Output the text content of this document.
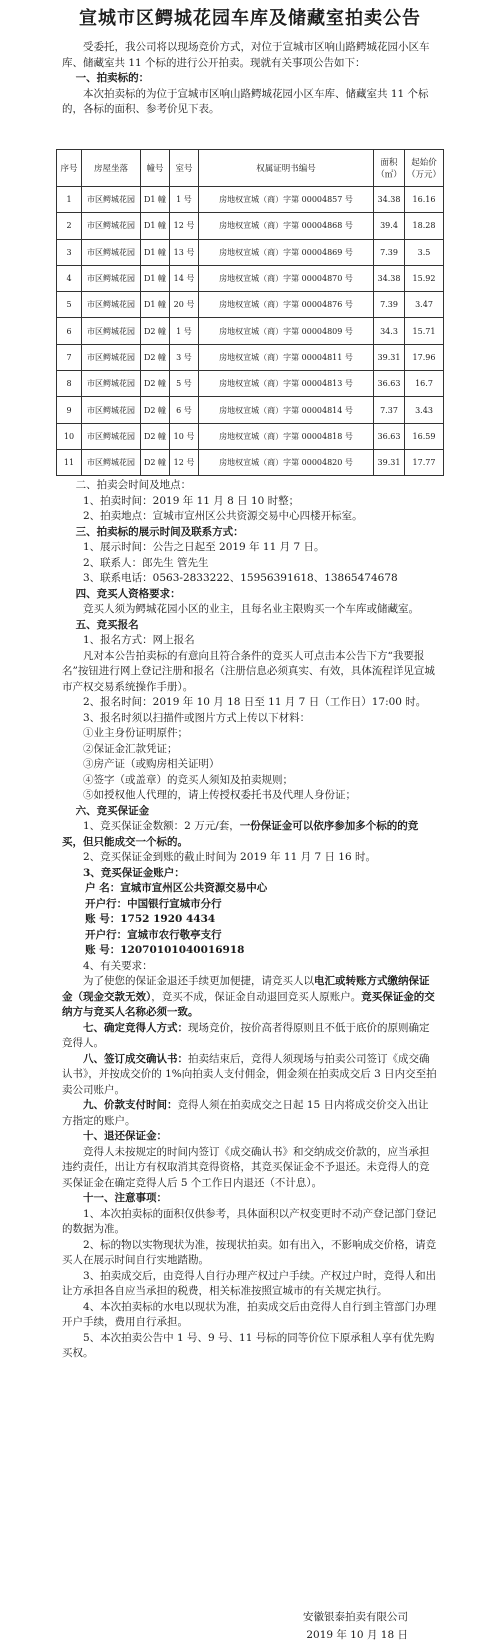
宣城市区鳄城花园车库及储藏室拍卖公告

受委托，我公司将以现场竞价方式，对位于宣城市区响山路鳄城花园小区车库、储藏室共 11 个标的进行公开拍卖。现就有关事项公告如下：

一、拍卖标的：

本次拍卖标的为位于宣城市区响山路鳄城花园小区车库、储藏室共 11 个标的，各标的面积、参考价见下表。

序号	房屋坐落	幢号	室号	权属证明书编号	面积（㎡）	起始价（万元）
1	市区鳄城花园	D1 幢	1 号	房地权宣城（商）字第 00004857 号	34.38	16.16
2	市区鳄城花园	D1 幢	12 号	房地权宣城（商）字第 00004868 号	39.4	18.28
3	市区鳄城花园	D1 幢	13 号	房地权宣城（商）字第 00004869 号	7.39	3.5
4	市区鳄城花园	D1 幢	14 号	房地权宣城（商）字第 00004870 号	34.38	15.92
5	市区鳄城花园	D1 幢	20 号	房地权宣城（商）字第 00004876 号	7.39	3.47
6	市区鳄城花园	D2 幢	1 号	房地权宣城（商）字第 00004809 号	34.3	15.71
7	市区鳄城花园	D2 幢	3 号	房地权宣城（商）字第 00004811 号	39.31	17.96
8	市区鳄城花园	D2 幢	5 号	房地权宣城（商）字第 00004813 号	36.63	16.7
9	市区鳄城花园	D2 幢	6 号	房地权宣城（商）字第 00004814 号	7.37	3.43
10	市区鳄城花园	D2 幢	10 号	房地权宣城（商）字第 00004818 号	36.63	16.59
11	市区鳄城花园	D2 幢	12 号	房地权宣城（商）字第 00004820 号	39.31	17.77

二、拍卖会时间及地点：

1、拍卖时间：2019 年 11 月 8 日 10 时整；

2、拍卖地点：宣城市宣州区公共资源交易中心四楼开标室。

三、拍卖标的展示时间及联系方式：

1、展示时间：公告之日起至 2019 年 11 月 7 日。

2、联系人：郎先生 管先生

3、联系电话：0563-2833222、15956391618、13865474678

四、竞买人资格要求：

竞买人须为鳄城花园小区的业主，且每名业主限购买一个车库或储藏室。

五、竞买报名

1、报名方式：网上报名

凡对本公告拍卖标的有意向且符合条件的竞买人可点击本公告下方“我要报名”按钮进行网上登记注册和报名（注册信息必须真实、有效，具体流程详见宣城市产权交易系统操作手册）。

2、报名时间：2019 年 10 月 18 日至 11 月 7 日（工作日）17:00 时。

3、报名时须以扫描件或图片方式上传以下材料：

①业主身份证明原件；

②保证金汇款凭证；

③房产证（或购房相关证明）

④签字（或盖章）的竞买人须知及拍卖规则；

⑤如授权他人代理的，请上传授权委托书及代理人身份证；

六、竞买保证金

1、竞买保证金数额：2 万元/套，一份保证金可以依序参加多个标的的竞买，但只能成交一个标的。

2、竞买保证金到账的截止时间为 2019 年 11 月 7 日 16 时。

3、竞买保证金账户：

户 名：宣城市宣州区公共资源交易中心

开户行：中国银行宣城市分行

账 号：1752 1920 4434

开户行：宣城市农行敬亭支行

账 号：12070101040016918

4、有关要求：

为了使您的保证金退还手续更加便捷，请竞买人以电汇或转账方式缴纳保证金（现金交款无效），竞买不成，保证金自动退回竞买人原账户。竞买保证金的交纳方与竞买人名称必须一致。

七、确定竞得人方式：现场竞价，按价高者得原则且不低于底价的原则确定竞得人。

八、签订成交确认书：拍卖结束后，竞得人须现场与拍卖公司签订《成交确认书》，并按成交价的 1%向拍卖人支付佣金，佣金须在拍卖成交后 3 日内交至拍卖公司账户。

九、价款支付时间：竞得人须在拍卖成交之日起 15 日内将成交价交入出让方指定的账户。

十、退还保证金：

竞得人未按规定的时间内签订《成交确认书》和交纳成交价款的，应当承担违约责任，出让方有权取消其竞得资格，其竞买保证金不予退还。未竞得人的竞买保证金在确定竞得人后 5 个工作日内退还（不计息）。

十一、注意事项：

1、本次拍卖标的面积仅供参考，具体面积以产权变更时不动产登记部门登记的数据为准。

2、标的物以实物现状为准，按现状拍卖。如有出入，不影响成交价格，请竞买人在展示时间自行实地踏勘。

3、拍卖成交后，由竞得人自行办理产权过户手续。产权过户时，竞得人和出让方承担各自应当承担的税费，相关标准按照宣城市的有关规定执行。

4、本次拍卖标的水电以现状为准，拍卖成交后由竞得人自行到主管部门办理开户手续，费用自行承担。

5、本次拍卖公告中 1 号、9 号、11 号标的同等价位下原承租人享有优先购买权。

安徽银泰拍卖有限公司
2019 年 10 月 18 日
